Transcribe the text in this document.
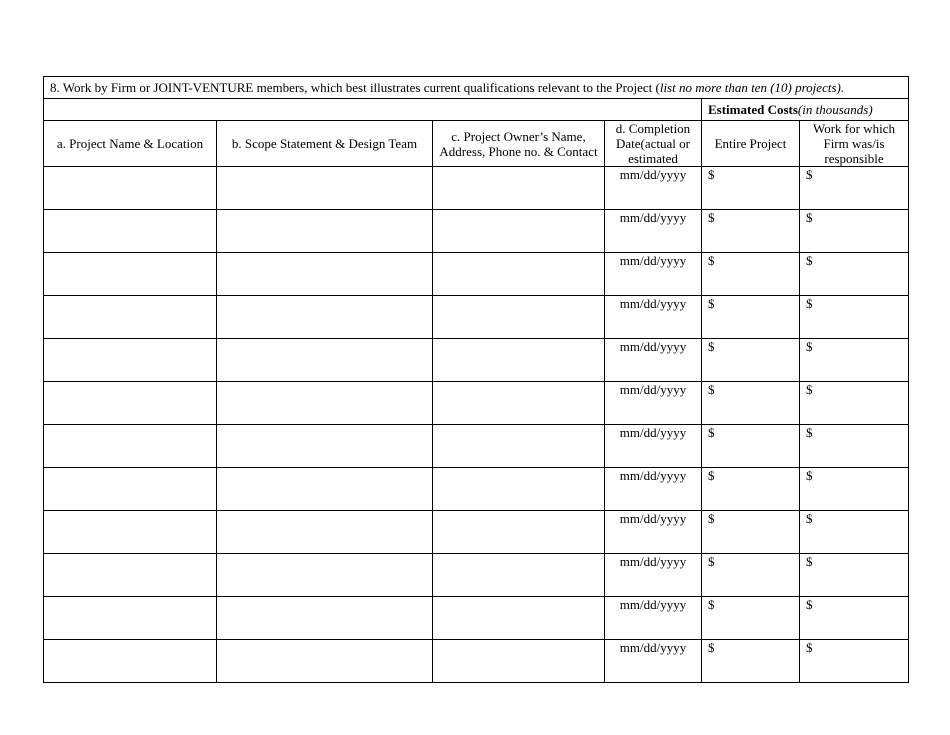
8. Work by Firm or JOINT-VENTURE members, which best illustrates current qualifications relevant to the Project (list no more than ten (10) projects).					
				Estimated Costs(in thousands)	
a. Project Name & Location	b. Scope Statement & Design Team	c. Project Owner’s Name, Address, Phone no. & Contact	d. Completion Date(actual or estimated	Entire Project	Work for which Firm was/is responsible
			mm/dd/yyyy	$	$
			mm/dd/yyyy	$	$
			mm/dd/yyyy	$	$
			mm/dd/yyyy	$	$
			mm/dd/yyyy	$	$
			mm/dd/yyyy	$	$
			mm/dd/yyyy	$	$
			mm/dd/yyyy	$	$
			mm/dd/yyyy	$	$
			mm/dd/yyyy	$	$
			mm/dd/yyyy	$	$
			mm/dd/yyyy	$	$
